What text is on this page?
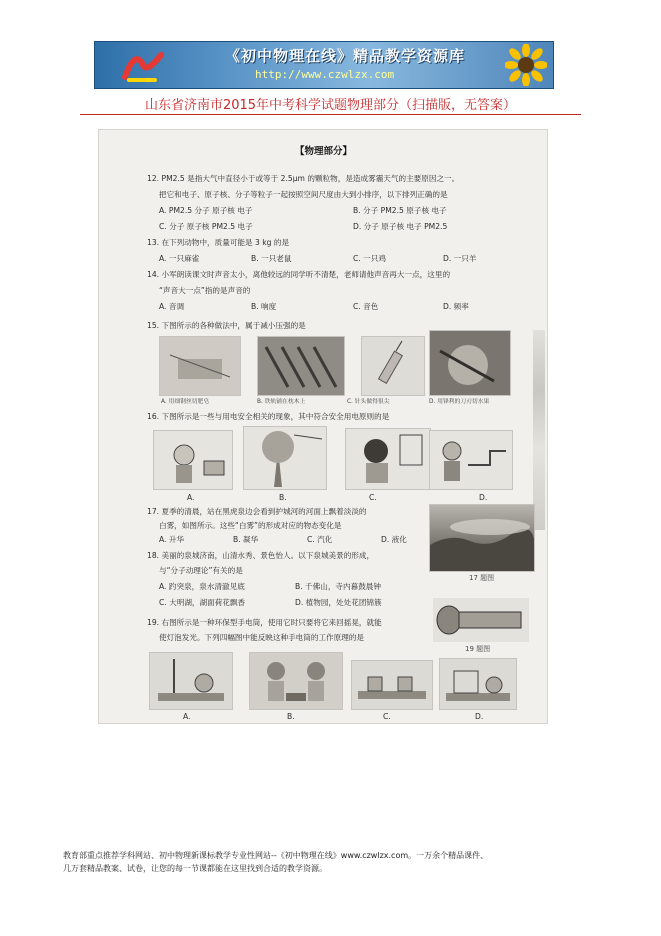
《初中物理在线》精品教学资源库
http://www.czwlzx.com
山东省济南市2015年中考科学试题物理部分（扫描版，无答案）
【物理部分】
12. PM2.5 是指大气中直径小于或等于 2.5μm 的颗粒物，是造成雾霾天气的主要原因之一。
把它和电子、原子核、分子等粒子一起按照空间尺度由大到小排序，以下排列正确的是
A. PM2.5 分子 原子核 电子	B. 分子 PM2.5 原子核 电子
C. 分子 原子核 PM2.5 电子	D. 分子 原子核 电子 PM2.5
13. 在下列动物中，质量可能是 3 kg 的是
A. 一只麻雀	B. 一只老鼠	C. 一只鸡	D. 一只羊
14. 小军朗读课文时声音太小，离他较远的同学听不清楚，老师请他声音再大一点，这里的
“声音大一点”指的是声音的
A. 音调	B. 响度	C. 音色	D. 频率
15. 下图所示的各种做法中，属于减小压强的是
A. 用细钢丝切肥皂	B. 铁轨铺在枕木上	C. 针头做得很尖	D. 用锋利的刀刃切水果
16. 下图所示是一些与用电安全相关的现象，其中符合安全用电原则的是
A.	B.	C.	D.
17. 夏季的清晨，站在黑虎泉边会看到护城河的河面上飘着淡淡的
白雾，如图所示。这些“白雾”的形成对应的物态变化是
A. 升华	B. 凝华	C. 汽化	D. 液化
17 题图
18. 美丽的泉城济南，山清水秀、景色怡人。以下泉城美景的形成，
与“分子动理论”有关的是
A. 趵突泉，泉水清澈见底	B. 千佛山，寺内暮鼓晨钟
C. 大明湖，湖面荷花飘香	D. 植物园，处处花团锦簇
19. 右图所示是一种环保型手电筒，使用它时只要将它来回摇晃，就能
使灯泡发光。下列四幅图中能反映这种手电筒的工作原理的是
19 题图
A.	B.	C.	D.
教育部重点推荐学科网站、初中物理新课标教学专业性网站--《初中物理在线》www.czwlzx.com。一万余个精品课件、
几万套精品教案、试卷，让您的每一节课都能在这里找到合适的教学资源。
